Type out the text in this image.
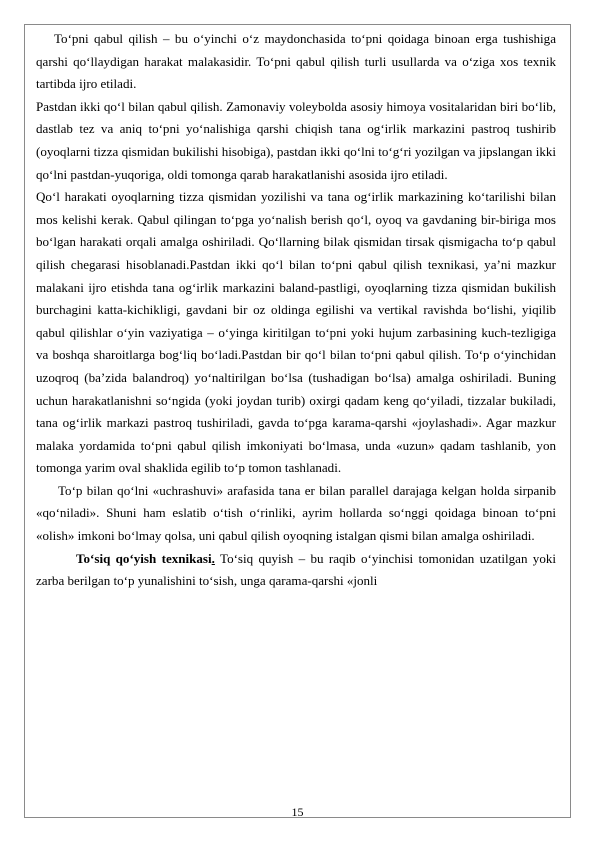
To‘pni qabul qilish – bu o‘yinchi o‘z maydonchasida to‘pni qoidaga binoan erga tushishiga qarshi qo‘llaydigan harakat malakasidir. To‘pni qabul qilish turli usullarda va o‘ziga xos texnik tartibda ijro etiladi.

Pastdan ikki qo‘l bilan qabul qilish. Zamonaviy voleybolda asosiy himoya vositalaridan biri bo‘lib, dastlab tez va aniq to‘pni yo‘nalishiga qarshi chiqish tana og‘irlik markazini pastroq tushirib (oyoqlarni tizza qismidan bukilishi hisobiga), pastdan ikki qo‘lni to‘g‘ri yozilgan va jipslangan ikki qo‘lni pastdan-yuqoriga, oldi tomonga qarab harakatlanishi asosida ijro etiladi.

Qo‘l harakati oyoqlarning tizza qismidan yozilishi va tana og‘irlik markazining ko‘tarilishi bilan mos kelishi kerak. Qabul qilingan to‘pga yo‘nalish berish qo‘l, oyoq va gavdaning bir-biriga mos bo‘lgan harakati orqali amalga oshiriladi. Qo‘llarning bilak qismidan tirsak qismigacha to‘p qabul qilish chegarasi hisoblanadi.Pastdan ikki qo‘l bilan to‘pni qabul qilish texnikasi, ya’ni mazkur malakani ijro etishda tana og‘irlik markazini baland-pastligi, oyoqlarning tizza qismidan bukilish burchagini katta-kichikligi, gavdani bir oz oldinga egilishi va vertikal ravishda bo‘lishi, yiqilib qabul qilishlar o‘yin vaziyatiga – o‘yinga kiritilgan to‘pni yoki hujum zarbasining kuch-tezligiga va boshqa sharoitlarga bog‘liq bo‘ladi.Pastdan bir qo‘l bilan to‘pni qabul qilish. To‘p o‘yinchidan uzoqroq (ba’zida balandroq) yo‘naltirilgan bo‘lsa (tushadigan bo‘lsa) amalga oshiriladi. Buning uchun harakatlanishni so‘ngida (yoki joydan turib) oxirgi qadam keng qo‘yiladi, tizzalar bukiladi, tana og‘irlik markazi pastroq tushiriladi, gavda to‘pga karama-qarshi «joylashadi». Agar mazkur malaka yordamida to‘pni qabul qilish imkoniyati bo‘lmasa, unda «uzun» qadam tashlanib, yon tomonga yarim oval shaklida egilib to‘p tomon tashlanadi.

To‘p bilan qo‘lni «uchrashuvi» arafasida tana er bilan parallel darajaga kelgan holda sirpanib «qo‘niladi». Shuni ham eslatib o‘tish o‘rinliki, ayrim hollarda so‘nggi qoidaga binoan to‘pni «olish» imkoni bo‘lmay qolsa, uni qabul qilish oyoqning istalgan qismi bilan amalga oshiriladi.

To‘siq qo‘yish texnikasi. To‘siq quyish – bu raqib o‘yinchisi tomonidan uzatilgan yoki zarba berilgan to‘p yunalishini to‘sish, unga qarama-qarshi «jonli

15
